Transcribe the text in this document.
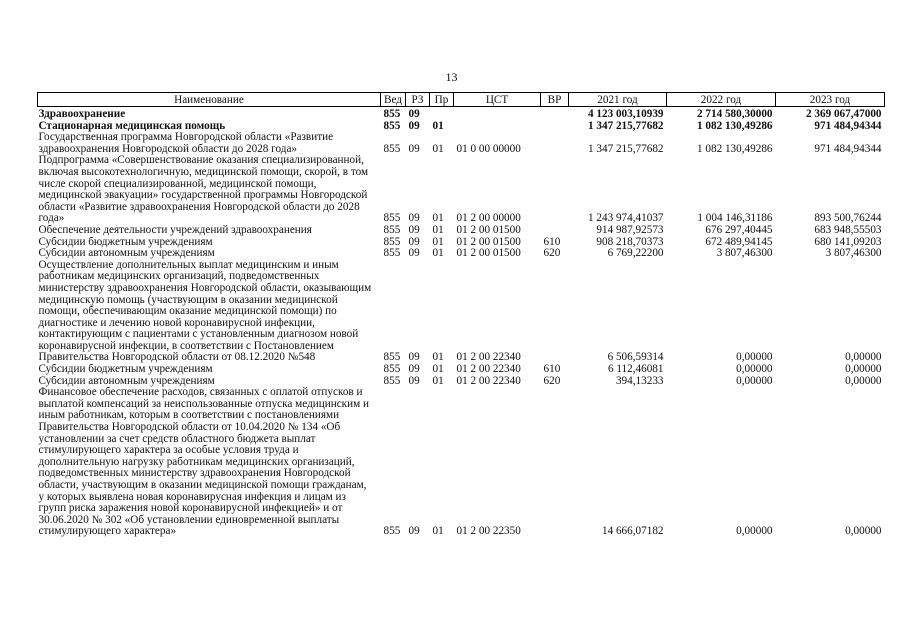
13
Наименование	Вед	РЗ	Пр	ЦСТ	ВР	2021 год	2022 год	2023 год
Здравоохранение	855	09				4 123 003,10939	2 714 580,30000	2 369 067,47000
Стационарная медицинская помощь	855	09	01			1 347 215,77682	1 082 130,49286	971 484,94344
Государственная программа Новгородской области «Развитие здравоохранения Новгородской области до 2028 года»	855	09	01	01 0 00 00000		1 347 215,77682	1 082 130,49286	971 484,94344
Подпрограмма «Совершенствование оказания специализированной, включая высокотехнологичную, медицинской помощи, скорой, в том числе скорой специализированной, медицинской помощи, медицинской эвакуации» государственной программы Новгородской области «Развитие здравоохранения Новгородской области до 2028 года»	855	09	01	01 2 00 00000		1 243 974,41037	1 004 146,31186	893 500,76244
Обеспечение деятельности учреждений здравоохранения	855	09	01	01 2 00 01500		914 987,92573	676 297,40445	683 948,55503
Субсидии бюджетным учреждениям	855	09	01	01 2 00 01500	610	908 218,70373	672 489,94145	680 141,09203
Субсидии автономным учреждениям	855	09	01	01 2 00 01500	620	6 769,22200	3 807,46300	3 807,46300
Осуществление дополнительных выплат медицинским и иным работникам медицинских организаций, подведомственных министерству здравоохранения Новгородской области, оказывающим медицинскую помощь (участвующим в оказании медицинской помощи, обеспечивающим оказание медицинской помощи) по диагностике и лечению новой коронавирусной инфекции, контактирующим с пациентами с установленным диагнозом новой коронавирусной инфекции, в соответствии с Постановлением Правительства Новгородской области от 08.12.2020 №548	855	09	01	01 2 00 22340		6 506,59314	0,00000	0,00000
Субсидии бюджетным учреждениям	855	09	01	01 2 00 22340	610	6 112,46081	0,00000	0,00000
Субсидии автономным учреждениям	855	09	01	01 2 00 22340	620	394,13233	0,00000	0,00000
Финансовое обеспечение расходов, связанных с оплатой отпусков и выплатой компенсаций за неиспользованные отпуска медицинским и иным работникам, которым в соответствии с постановлениями Правительства Новгородской области от 10.04.2020 № 134 «Об установлении за счет средств областного бюджета выплат стимулирующего характера за особые условия труда и дополнительную нагрузку работникам медицинских организаций, подведомственных министерству здравоохранения Новгородской области, участвующим в оказании медицинской помощи гражданам, у которых выявлена новая коронавирусная инфекция и лицам из групп риска заражения новой коронавирусной инфекцией» и от 30.06.2020 № 302 «Об установлении единовременной выплаты стимулирующего характера»	855	09	01	01 2 00 22350		14 666,07182	0,00000	0,00000
